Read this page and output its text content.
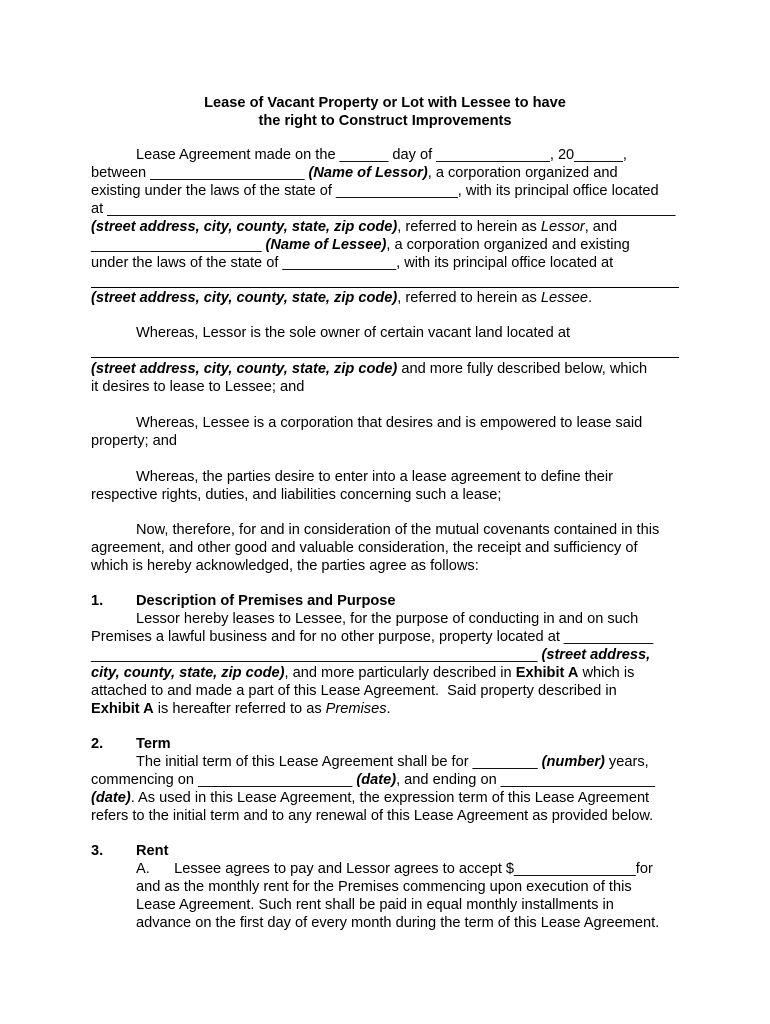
Lease of Vacant Property or Lot with Lessee to have
the right to Construct Improvements
Lease Agreement made on the ______ day of ______________, 20______,
between ___________________ (Name of Lessor), a corporation organized and
existing under the laws of the state of _______________, with its principal office located
at ______________________________________________________________________
(street address, city, county, state, zip code), referred to herein as Lessor, and
_____________________ (Name of Lessee), a corporation organized and existing
under the laws of the state of ______________, with its principal office located at
(street address, city, county, state, zip code), referred to herein as Lessee.
Whereas, Lessor is the sole owner of certain vacant land located at
(street address, city, county, state, zip code) and more fully described below, which
it desires to lease to Lessee; and
Whereas, Lessee is a corporation that desires and is empowered to lease said
property; and
Whereas, the parties desire to enter into a lease agreement to define their
respective rights, duties, and liabilities concerning such a lease;
Now, therefore, for and in consideration of the mutual covenants contained in this
agreement, and other good and valuable consideration, the receipt and sufficiency of
which is hereby acknowledged, the parties agree as follows:
1. Description of Premises and Purpose
Lessor hereby leases to Lessee, for the purpose of conducting in and on such
Premises a lawful business and for no other purpose, property located at ___________
_______________________________________________________ (street address,
city, county, state, zip code), and more particularly described in Exhibit A which is
attached to and made a part of this Lease Agreement.  Said property described in
Exhibit A is hereafter referred to as Premises.
2. Term
The initial term of this Lease Agreement shall be for ________ (number) years,
commencing on ___________________ (date), and ending on ___________________
(date). As used in this Lease Agreement, the expression term of this Lease Agreement
refers to the initial term and to any renewal of this Lease Agreement as provided below.
3. Rent
A.      Lessee agrees to pay and Lessor agrees to accept $_______________for
and as the monthly rent for the Premises commencing upon execution of this
Lease Agreement. Such rent shall be paid in equal monthly installments in
advance on the first day of every month during the term of this Lease Agreement.
